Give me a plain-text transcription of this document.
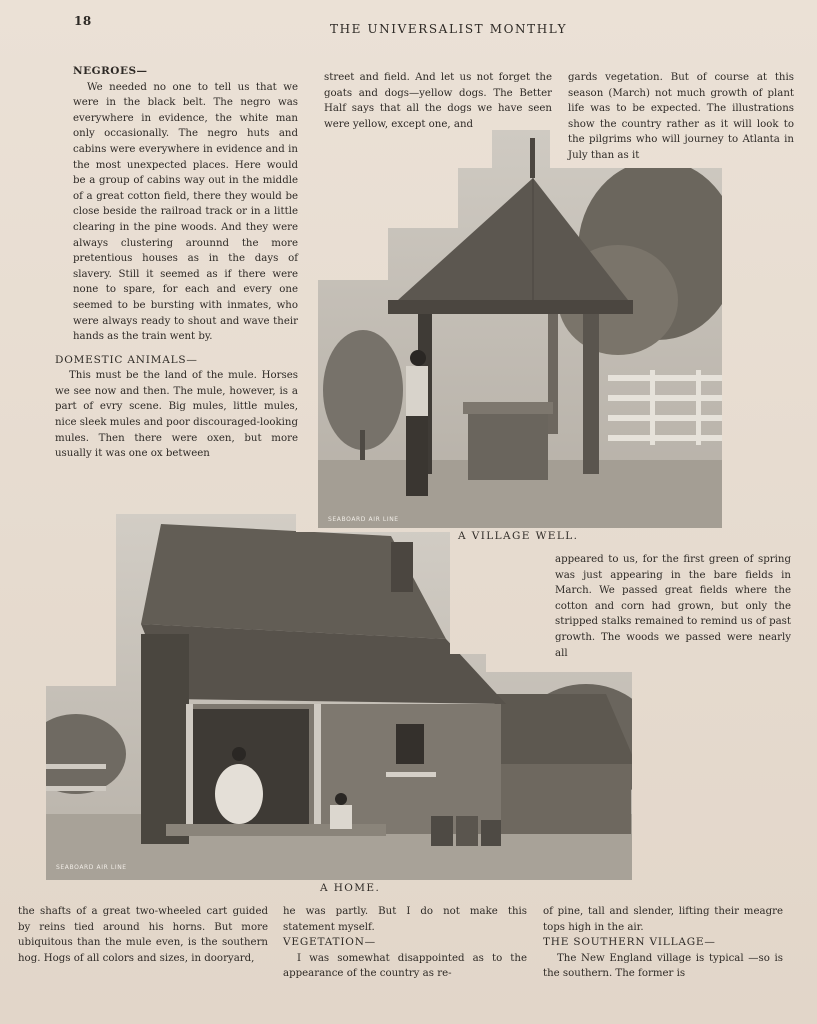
18
THE UNIVERSALIST MONTHLY
NEGROES—

We needed no one to tell us that we were in the black belt. The negro was everywhere in evidence, the white man only occasionally. The negro huts and cabins were everywhere in evidence and in the most unexpected places. Here would be a group of cabins way out in the middle of a great cotton field, there they would be close beside the railroad track or in a little clearing in the pine woods. And they were always clustering arounnd the more pretentious houses as in the days of slavery. Still it seemed as if there were none to spare, for each and every one seemed to be bursting with inmates, who were always ready to shout and wave their hands as the train went by.

DOMESTIC ANIMALS—

This must be the land of the mule. Horses we see now and then. The mule, however, is a part of evry scene. Big mules, little mules, nice sleek mules and poor discouraged-looking mules. Then there were oxen, but more usually it was one ox between

street and field. And let us not forget the goats and dogs—yellow dogs. The Better Half says that all the dogs we have seen were yellow, except one, and

gards vegetation. But of course at this season (March) not much growth of plant life was to be expected. The illustrations show the country rather as it will look to the pilgrims who will journey to Atlanta in July than as it

SEABOARD AIR LINE
A VILLAGE WELL.

appeared to us, for the first green of spring was just appearing in the bare fields in March. We passed great fields where the cotton and corn had grown, but only the stripped stalks remained to remind us of past growth. The woods we passed were nearly all

SEABOARD AIR LINE
A HOME.

the shafts of a great two-wheeled cart guided by reins tied around his horns. But more ubiquitous than the mule even, is the southern hog. Hogs of all colors and sizes, in dooryard,

he was partly. But I do not make this statement myself.

VEGETATION—

I was somewhat disappointed as to the appearance of the country as re-

of pine, tall and slender, lifting their meagre tops high in the air.

THE SOUTHERN VILLAGE—

The New England village is typical —so is the southern. The former is
